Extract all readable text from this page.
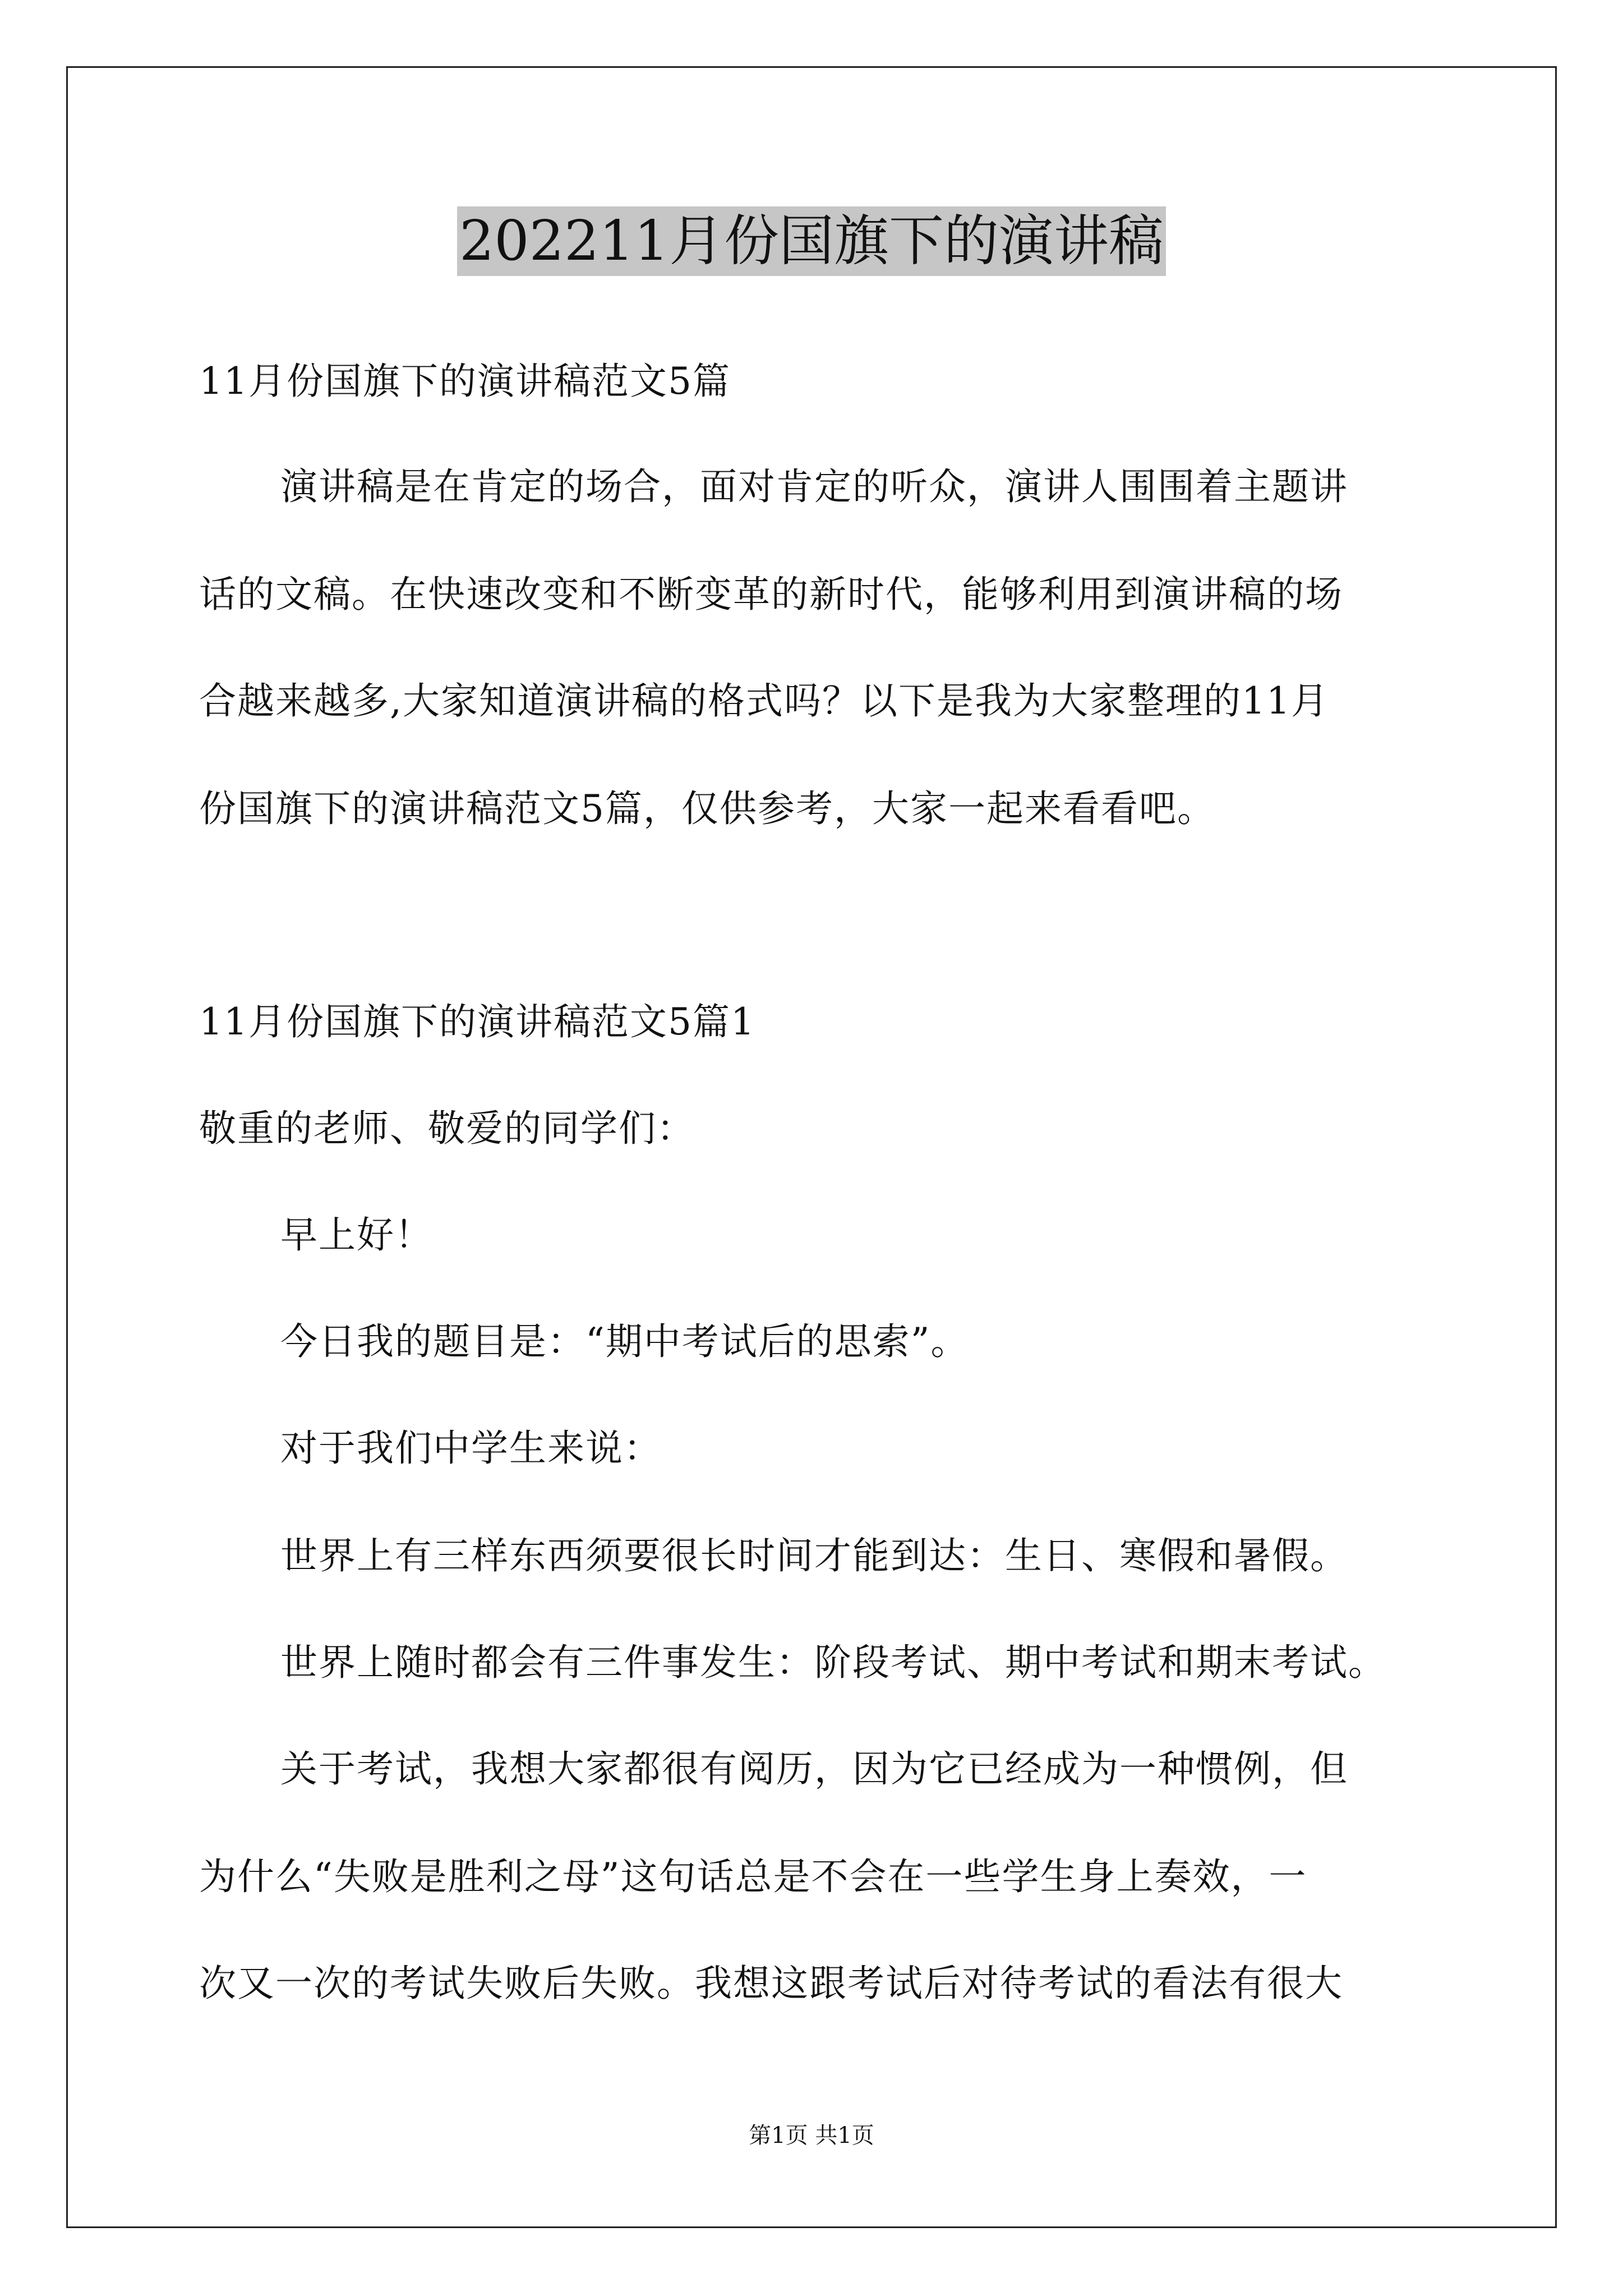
202211月份国旗下的演讲稿
11月份国旗下的演讲稿范文5篇
演讲稿是在肯定的场合，面对肯定的听众，演讲人围围着主题讲
话的文稿。在快速改变和不断变革的新时代，能够利用到演讲稿的场
合越来越多,大家知道演讲稿的格式吗？以下是我为大家整理的11月
份国旗下的演讲稿范文5篇，仅供参考，大家一起来看看吧。
11月份国旗下的演讲稿范文5篇1
敬重的老师、敬爱的同学们：
早上好！
今日我的题目是：“期中考试后的思索”。
对于我们中学生来说：
世界上有三样东西须要很长时间才能到达：生日、寒假和暑假。
世界上随时都会有三件事发生：阶段考试、期中考试和期末考试。
关于考试，我想大家都很有阅历，因为它已经成为一种惯例，但
为什么“失败是胜利之母”这句话总是不会在一些学生身上奏效，一
次又一次的考试失败后失败。我想这跟考试后对待考试的看法有很大
第1页 共1页
